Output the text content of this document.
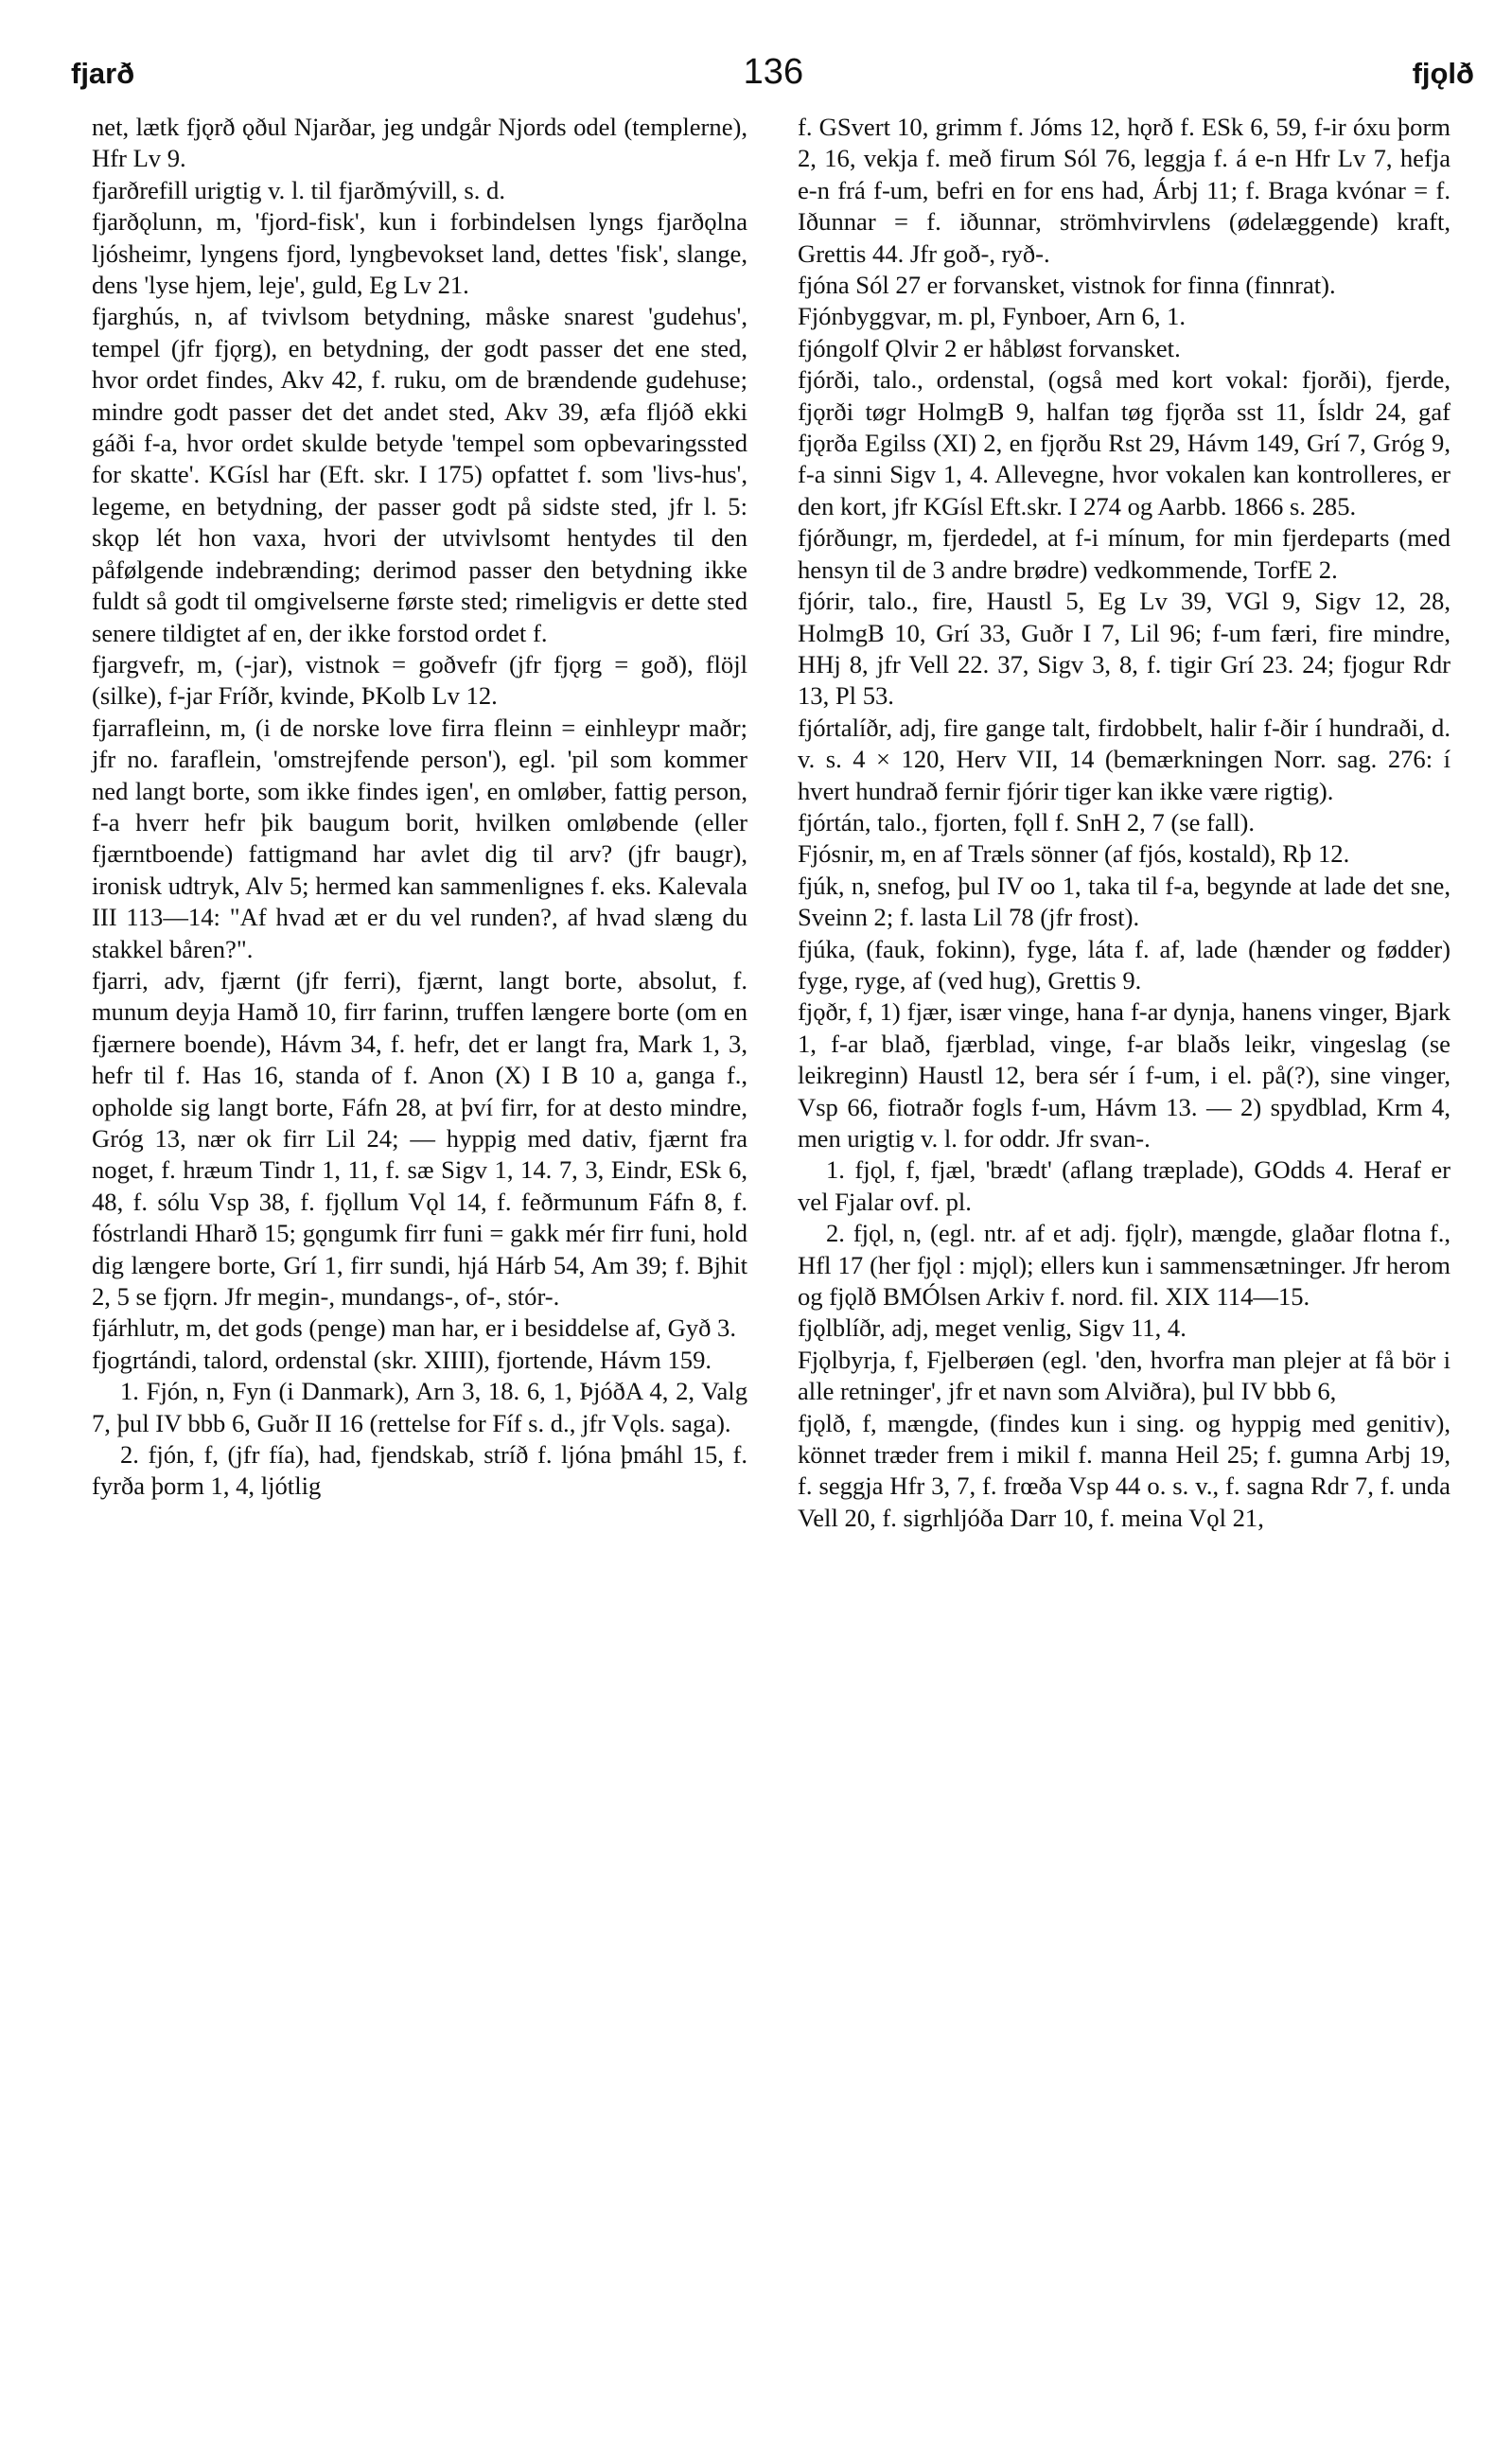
fjarð	136	fjǫlð

net, lætk fjǫrð ǫðul Njarðar, jeg undgår Njords odel (templerne), Hfr Lv 9.

fjarðrefill urigtig v. l. til fjarðmývill, s. d.

fjarðǫlunn, m, 'fjord-fisk', kun i forbindelsen lyngs fjarðǫlna ljósheimr, lyngens fjord, lyngbevokset land, dettes 'fisk', slange, dens 'lyse hjem, leje', guld, Eg Lv 21.

fjarghús, n, af tvivlsom betydning, måske snarest 'gudehus', tempel (jfr fjǫrg), en betydning, der godt passer det ene sted, hvor ordet findes, Akv 42, f. ruku, om de brændende gudehuse; mindre godt passer det det andet sted, Akv 39, æfa fljóð ekki gáði f-a, hvor ordet skulde betyde 'tempel som opbevaringssted for skatte'. KGísl har (Eft. skr. I 175) opfattet f. som 'livs-hus', legeme, en betydning, der passer godt på sidste sted, jfr l. 5: skǫp lét hon vaxa, hvori der utvivlsomt hentydes til den påfølgende indebrænding; derimod passer den betydning ikke fuldt så godt til omgivelserne første sted; rimeligvis er dette sted senere tildigtet af en, der ikke forstod ordet f.

fjargvefr, m, (-jar), vistnok = goðvefr (jfr fjǫrg = goð), flöjl (silke), f-jar Fríðr, kvinde, ÞKolb Lv 12.

fjarrafleinn, m, (i de norske love firra fleinn = einhleypr maðr; jfr no. faraflein, 'omstrejfende person'), egl. 'pil som kommer ned langt borte, som ikke findes igen', en omløber, fattig person, f-a hverr hefr þik baugum borit, hvilken omløbende (eller fjærntboende) fattigmand har avlet dig til arv? (jfr baugr), ironisk udtryk, Alv 5; hermed kan sammenlignes f. eks. Kalevala III 113—14: "Af hvad æt er du vel runden?, af hvad slæng du stakkel båren?".

fjarri, adv, fjærnt (jfr ferri), fjærnt, langt borte, absolut, f. munum deyja Hamð 10, firr farinn, truffen længere borte (om en fjærnere boende), Hávm 34, f. hefr, det er langt fra, Mark 1, 3, hefr til f. Has 16, standa of f. Anon (X) I B 10 a, ganga f., opholde sig langt borte, Fáfn 28, at því firr, for at desto mindre, Gróg 13, nær ok firr Lil 24; — hyppig med dativ, fjærnt fra noget, f. hræum Tindr 1, 11, f. sæ Sigv 1, 14. 7, 3, Eindr, ESk 6, 48, f. sólu Vsp 38, f. fjǫllum Vǫl 14, f. feðrmunum Fáfn 8, f. fóstrlandi Hharð 15; gǫngumk firr funi = gakk mér firr funi, hold dig længere borte, Grí 1, firr sundi, hjá Hárb 54, Am 39; f. Bjhit 2, 5 se fjǫrn. Jfr megin-, mundangs-, of-, stór-.

fjárhlutr, m, det gods (penge) man har, er i besiddelse af, Gyð 3.

fjogrtándi, talord, ordenstal (skr. XIIII), fjortende, Hávm 159.

1. Fjón, n, Fyn (i Danmark), Arn 3, 18. 6, 1, ÞjóðA 4, 2, Valg 7, þul IV bbb 6, Guðr II 16 (rettelse for Fíf s. d., jfr Vǫls. saga).

2. fjón, f, (jfr fía), had, fjendskab, stríð f. ljóna þmáhl 15, f. fyrða þorm 1, 4, ljótlig

f. GSvert 10, grimm f. Jóms 12, hǫrð f. ESk 6, 59, f-ir óxu þorm 2, 16, vekja f. með firum Sól 76, leggja f. á e-n Hfr Lv 7, hefja e-n frá f-um, befri en for ens had, Árbj 11; f. Braga kvónar = f. Iðunnar = f. iðunnar, strömhvirvlens (ødelæggende) kraft, Grettis 44. Jfr goð-, ryð-.

fjóna Sól 27 er forvansket, vistnok for finna (finnrat).

Fjónbyggvar, m. pl, Fynboer, Arn 6, 1.

fjóngolf Ǫlvir 2 er håbløst forvansket.

fjórði, talo., ordenstal, (også med kort vokal: fjorði), fjerde, fjǫrði tøgr HolmgB 9, halfan tøg fjǫrða sst 11, Ísldr 24, gaf fjǫrða Egilss (XI) 2, en fjǫrðu Rst 29, Hávm 149, Grí 7, Gróg 9, f-a sinni Sigv 1, 4. Allevegne, hvor vokalen kan kontrolleres, er den kort, jfr KGísl Eft.skr. I 274 og Aarbb. 1866 s. 285.

fjórðungr, m, fjerdedel, at f-i mínum, for min fjerdeparts (med hensyn til de 3 andre brødre) vedkommende, TorfE 2.

fjórir, talo., fire, Haustl 5, Eg Lv 39, VGl 9, Sigv 12, 28, HolmgB 10, Grí 33, Guðr I 7, Lil 96; f-um færi, fire mindre, HHj 8, jfr Vell 22. 37, Sigv 3, 8, f. tigir Grí 23. 24; fjogur Rdr 13, Pl 53.

fjórtalíðr, adj, fire gange talt, firdobbelt, halir f-ðir í hundraði, d. v. s. 4 × 120, Herv VII, 14 (bemærkningen Norr. sag. 276: í hvert hundrað fernir fjórir tiger kan ikke være rigtig).

fjórtán, talo., fjorten, fǫll f. SnH 2, 7 (se fall).

Fjósnir, m, en af Træls sönner (af fjós, kostald), Rþ 12.

fjúk, n, snefog, þul IV oo 1, taka til f-a, begynde at lade det sne, Sveinn 2; f. lasta Lil 78 (jfr frost).

fjúka, (fauk, fokinn), fyge, láta f. af, lade (hænder og fødder) fyge, ryge, af (ved hug), Grettis 9.

fjǫðr, f, 1) fjær, især vinge, hana f-ar dynja, hanens vinger, Bjark 1, f-ar blað, fjærblad, vinge, f-ar blaðs leikr, vingeslag (se leikreginn) Haustl 12, bera sér í f-um, i el. på(?), sine vinger, Vsp 66, fiotraðr fogls f-um, Hávm 13. — 2) spydblad, Krm 4, men urigtig v. l. for oddr. Jfr svan-.

1. fjǫl, f, fjæl, 'brædt' (aflang træplade), GOdds 4. Heraf er vel Fjalar ovf. pl.

2. fjǫl, n, (egl. ntr. af et adj. fjǫlr), mængde, glaðar flotna f., Hfl 17 (her fjǫl : mjǫl); ellers kun i sammensætninger. Jfr herom og fjǫlð BMÓlsen Arkiv f. nord. fil. XIX 114—15.

fjǫlblíðr, adj, meget venlig, Sigv 11, 4.

Fjǫlbyrja, f, Fjelberøen (egl. 'den, hvorfra man plejer at få bör i alle retninger', jfr et navn som Alviðra), þul IV bbb 6,

fjǫlð, f, mængde, (findes kun i sing. og hyppig med genitiv), könnet træder frem i mikil f. manna Heil 25; f. gumna Arbj 19, f. seggja Hfr 3, 7, f. frœða Vsp 44 o. s. v., f. sagna Rdr 7, f. unda Vell 20, f. sigrhljóða Darr 10, f. meina Vǫl 21,
